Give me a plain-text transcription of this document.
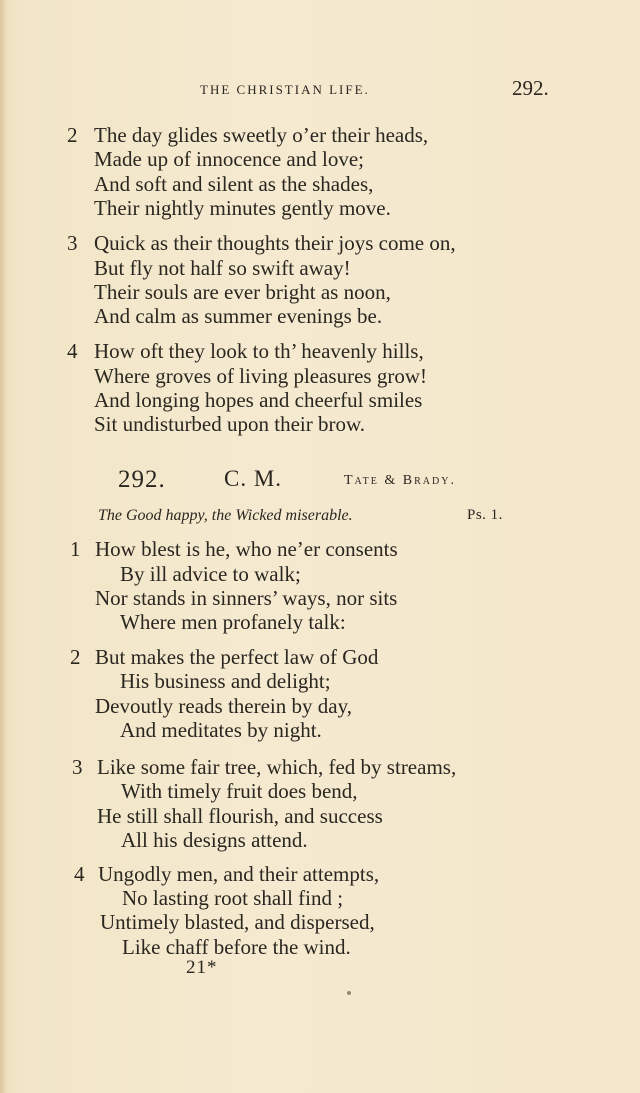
THE CHRISTIAN LIFE.	292.
2 The day glides sweetly o’er their heads,
Made up of innocence and love;
And soft and silent as the shades,
Their nightly minutes gently move.
3 Quick as their thoughts their joys come on,
But fly not half so swift away!
Their souls are ever bright as noon,
And calm as summer evenings be.
4 How oft they look to th’ heavenly hills,
Where groves of living pleasures grow!
And longing hopes and cheerful smiles
Sit undisturbed upon their brow.
292.	C. M.	Tate & Brady.
The Good happy, the Wicked miserable.	Ps. 1.
1 How blest is he, who ne’er consents
By ill advice to walk;
Nor stands in sinners’ ways, nor sits
Where men profanely talk:
2 But makes the perfect law of God
His business and delight;
Devoutly reads therein by day,
And meditates by night.
3 Like some fair tree, which, fed by streams,
With timely fruit does bend,
He still shall flourish, and success
All his designs attend.
4 Ungodly men, and their attempts,
No lasting root shall find ;
Untimely blasted, and dispersed,
Like chaff before the wind.
21*
